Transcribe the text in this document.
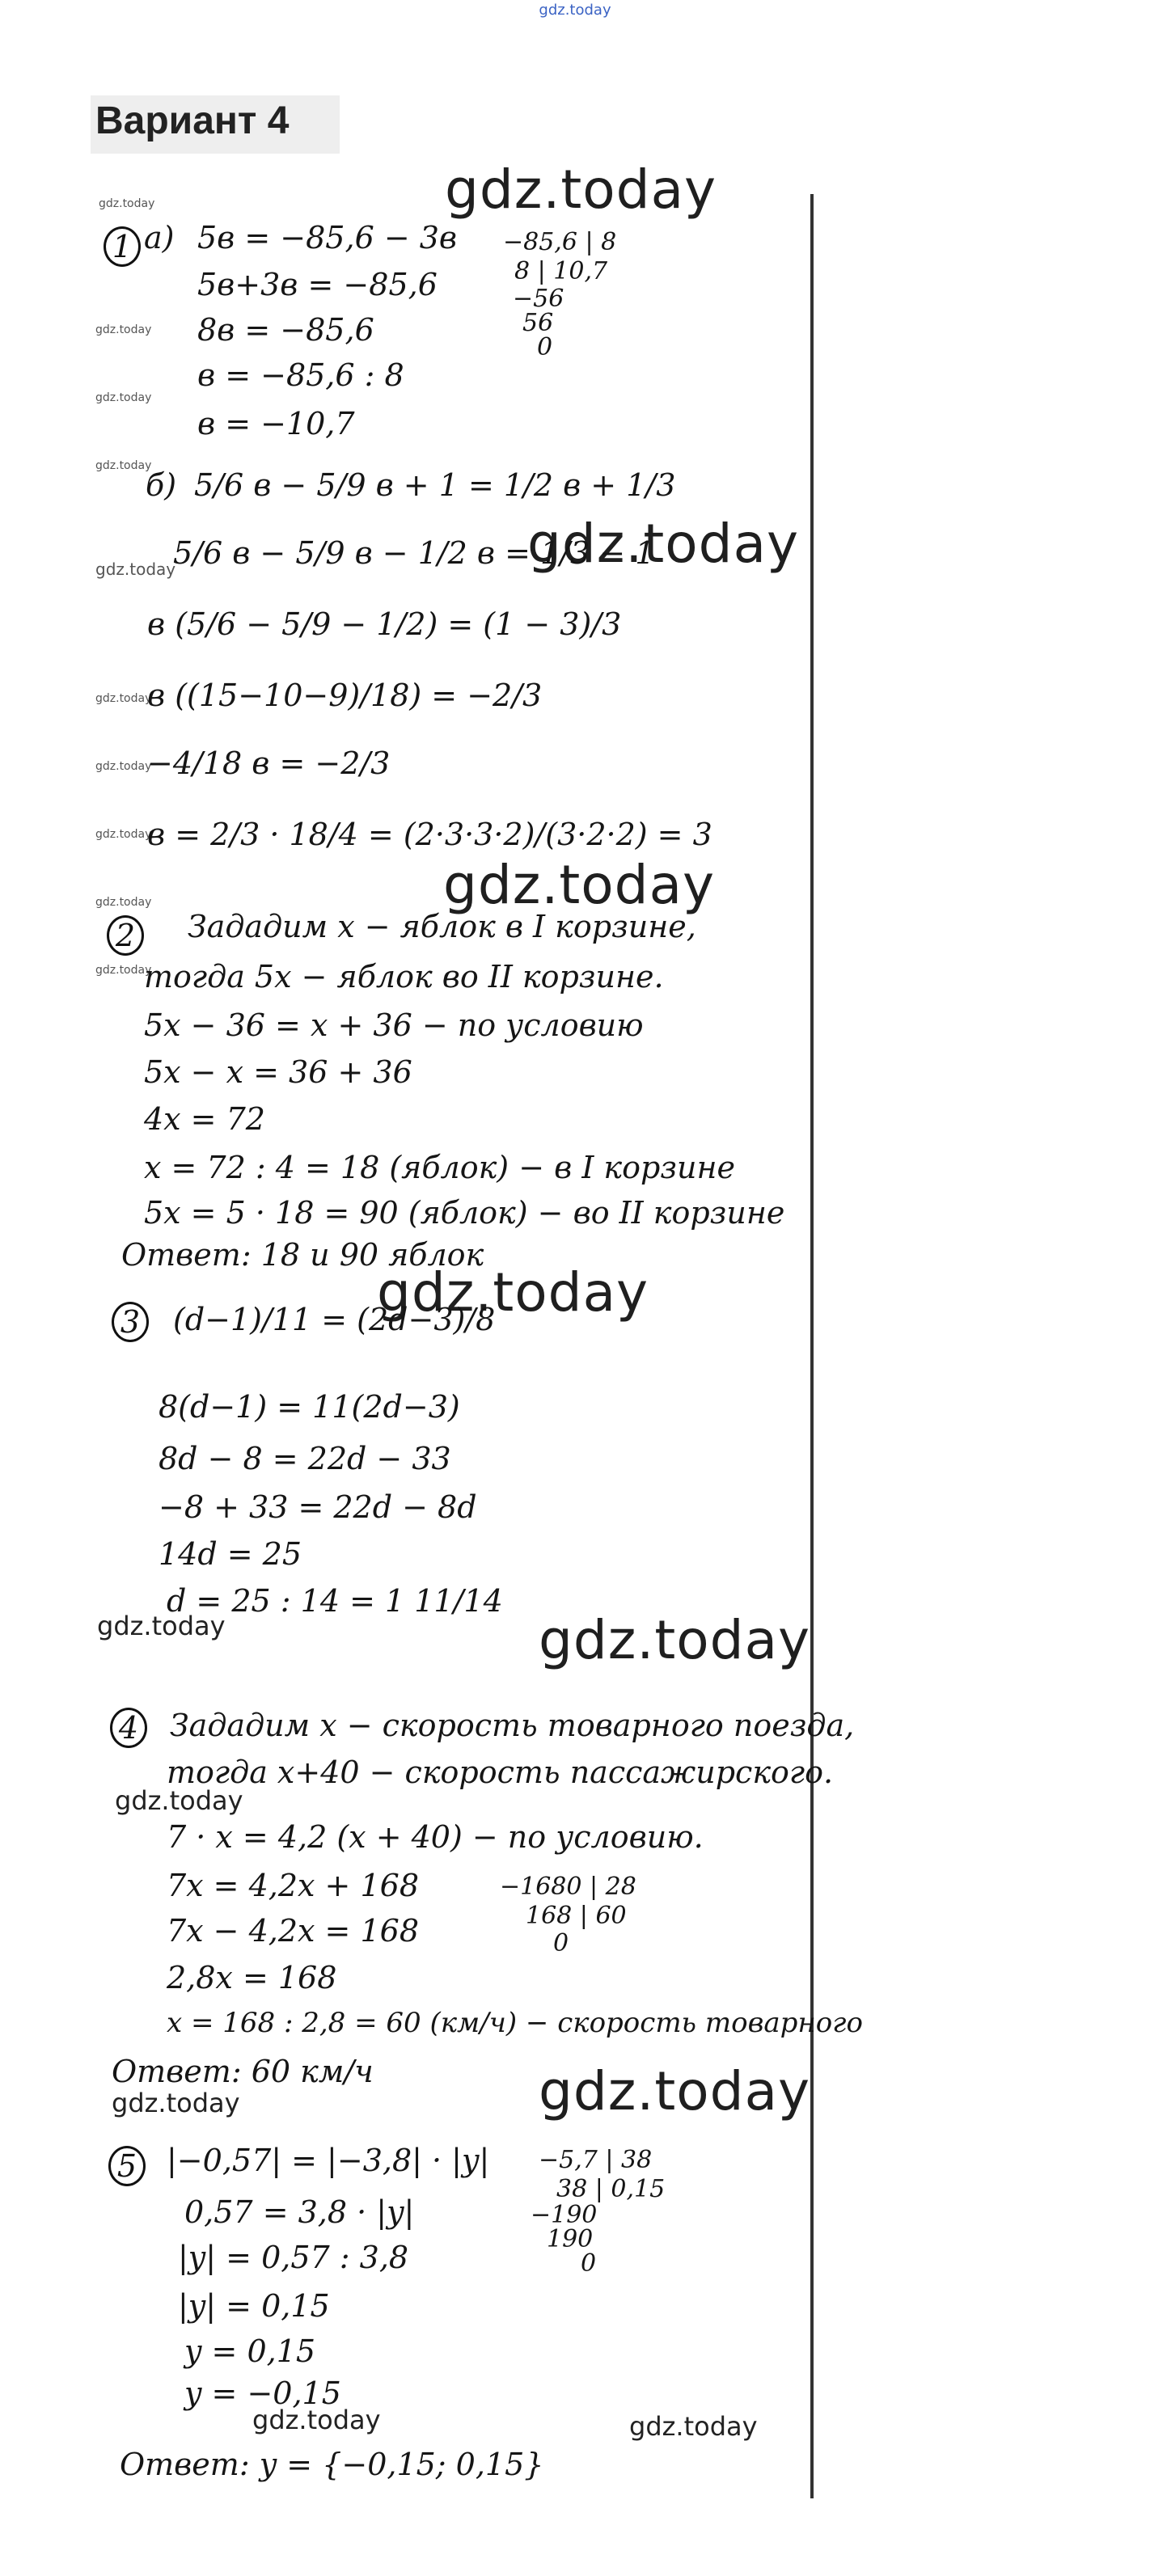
gdz.today
Вариант 4
gdz.today
gdz.today
gdz.today
gdz.today
gdz.today
gdz.today
gdz.today
gdz.today
gdz.today
gdz.today	gdz.today
gdz.today
gdz.today
gdz.today
gdz.today
gdz.today
gdz.today
gdz.today
gdz.today
gdz.today
gdz.today
1 а) 5в = −85,6 − 3в
5в+3в = −85,6
8в = −85,6
в = −85,6 : 8
в = −10,7
−85,6 | 8
8 | 10,7
−56
56
0
б) 5/6 в − 5/9 в + 1 = 1/2 в + 1/3
5/6 в − 5/9 в − 1/2 в = 1/3 − 1
в (5/6 − 5/9 − 1/2) = (1 − 3)/3
в ((15−10−9)/18) = −2/3
−4/18 в = −2/3
в = 2/3 · 18/4 = (2·3·3·2)/(3·2·2) = 3
2 Зададим x − яблок в I корзине,
тогда 5x − яблок во II корзине.
5x − 36 = x + 36 − по условию
5x − x = 36 + 36
4x = 72
x = 72 : 4 = 18 (яблок) − в I корзине
5x = 5 · 18 = 90 (яблок) − во II корзине
Ответ: 18 и 90 яблок
3 (d−1)/11 = (2d−3)/8
8(d−1) = 11(2d−3)
8d − 8 = 22d − 33
−8 + 33 = 22d − 8d
14d = 25
d = 25 : 14 = 1 11/14
4 Зададим x − скорость товарного поезда,
тогда x+40 − скорость пассажирского.
7 · x = 4,2 (x + 40) − по условию.
7x = 4,2x + 168
7x − 4,2x = 168
2,8x = 168
x = 168 : 2,8 = 60 (км/ч) − скорость товарного
Ответ: 60 км/ч
−1680 | 28
168 | 60
0
5 |−0,57| = |−3,8| · |y|
0,57 = 3,8 · |y|
|y| = 0,57 : 3,8
|y| = 0,15
y = 0,15
y = −0,15
Ответ: y = {−0,15; 0,15}
−5,7 | 38
38 | 0,15
−190
190
0
